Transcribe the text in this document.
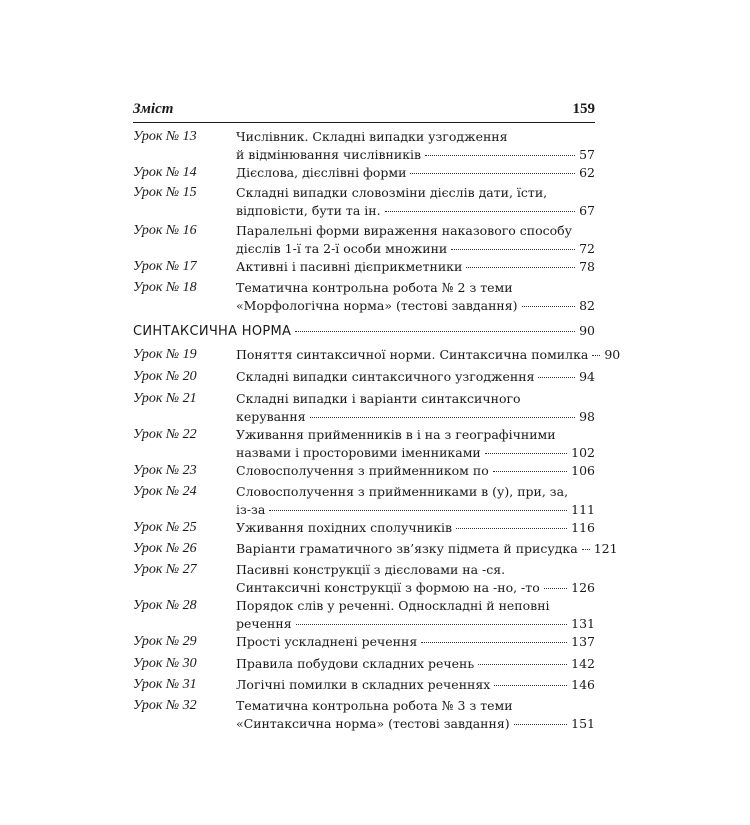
Зміст	159
Урок № 13	Числівник. Складні випадки узгодження
й відмінювання числівників	57
Урок № 14	Дієслова, дієслівні форми	62
Урок № 15	Складні випадки словозміни дієслів дати, їсти,
відповісти, бути та ін.	67
Урок № 16	Паралельні форми вираження наказового способу
дієслів 1-ї та 2-ї особи множини	72
Урок № 17	Активні і пасивні дієприкметники	78
Урок № 18	Тематична контрольна робота № 2 з теми
«Морфологічна норма» (тестові завдання)	82
СИНТАКСИЧНА НОРМА	90
Урок № 19	Поняття синтаксичної норми. Синтаксична помилка 90
Урок № 20	Складні випадки синтаксичного узгодження	94
Урок № 21	Складні випадки і варіанти синтаксичного
керування	98
Урок № 22	Уживання прийменників в і на з географічними
назвами і просторовими іменниками	102
Урок № 23	Словосполучення з прийменником по	106
Урок № 24	Словосполучення з прийменниками в (у), при, за,
із-за	111
Урок № 25	Уживання похідних сполучників	116
Урок № 26	Варіанти граматичного зв’язку підмета й присудка 121
Урок № 27	Пасивні конструкції з дієсловами на -ся.
Синтаксичні конструкції з формою на -но, -то	126
Урок № 28	Порядок слів у реченні. Односкладні й неповні
речення	131
Урок № 29	Прості ускладнені речення	137
Урок № 30	Правила побудови складних речень	142
Урок № 31	Логічні помилки в складних реченнях	146
Урок № 32	Тематична контрольна робота № 3 з теми
«Синтаксична норма» (тестові завдання)	151
